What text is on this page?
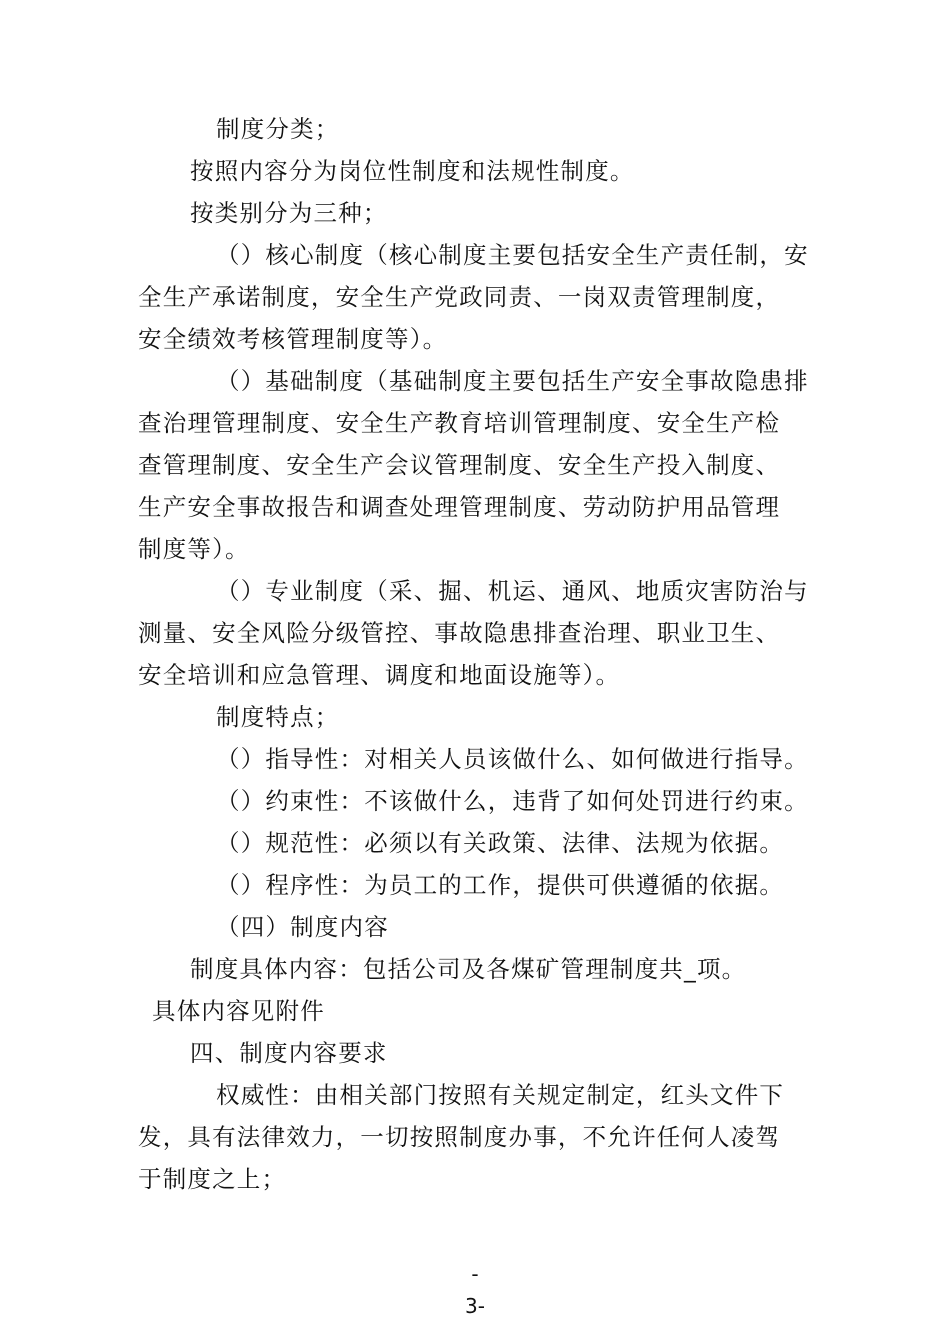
制度分类；
按照内容分为岗位性制度和法规性制度。
按类别分为三种；
（）核心制度（核心制度主要包括安全生产责任制，安
全生产承诺制度，安全生产党政同责、一岗双责管理制度，
安全绩效考核管理制度等）。
（）基础制度（基础制度主要包括生产安全事故隐患排
查治理管理制度、安全生产教育培训管理制度、安全生产检
查管理制度、安全生产会议管理制度、安全生产投入制度、
生产安全事故报告和调查处理管理制度、劳动防护用品管理
制度等）。
（）专业制度（采、掘、机运、通风、地质灾害防治与
测量、安全风险分级管控、事故隐患排查治理、职业卫生、
安全培训和应急管理、调度和地面设施等）。
制度特点；
（）指导性：对相关人员该做什么、如何做进行指导。
（）约束性：不该做什么，违背了如何处罚进行约束。
（）规范性：必须以有关政策、法律、法规为依据。
（）程序性：为员工的工作，提供可供遵循的依据。
（四）制度内容
制度具体内容：包括公司及各煤矿管理制度共_项。
具体内容见附件
四、制度内容要求
权威性：由相关部门按照有关规定制定，红头文件下
发，具有法律效力，一切按照制度办事，不允许任何人凌驾
于制度之上；
-
3-
